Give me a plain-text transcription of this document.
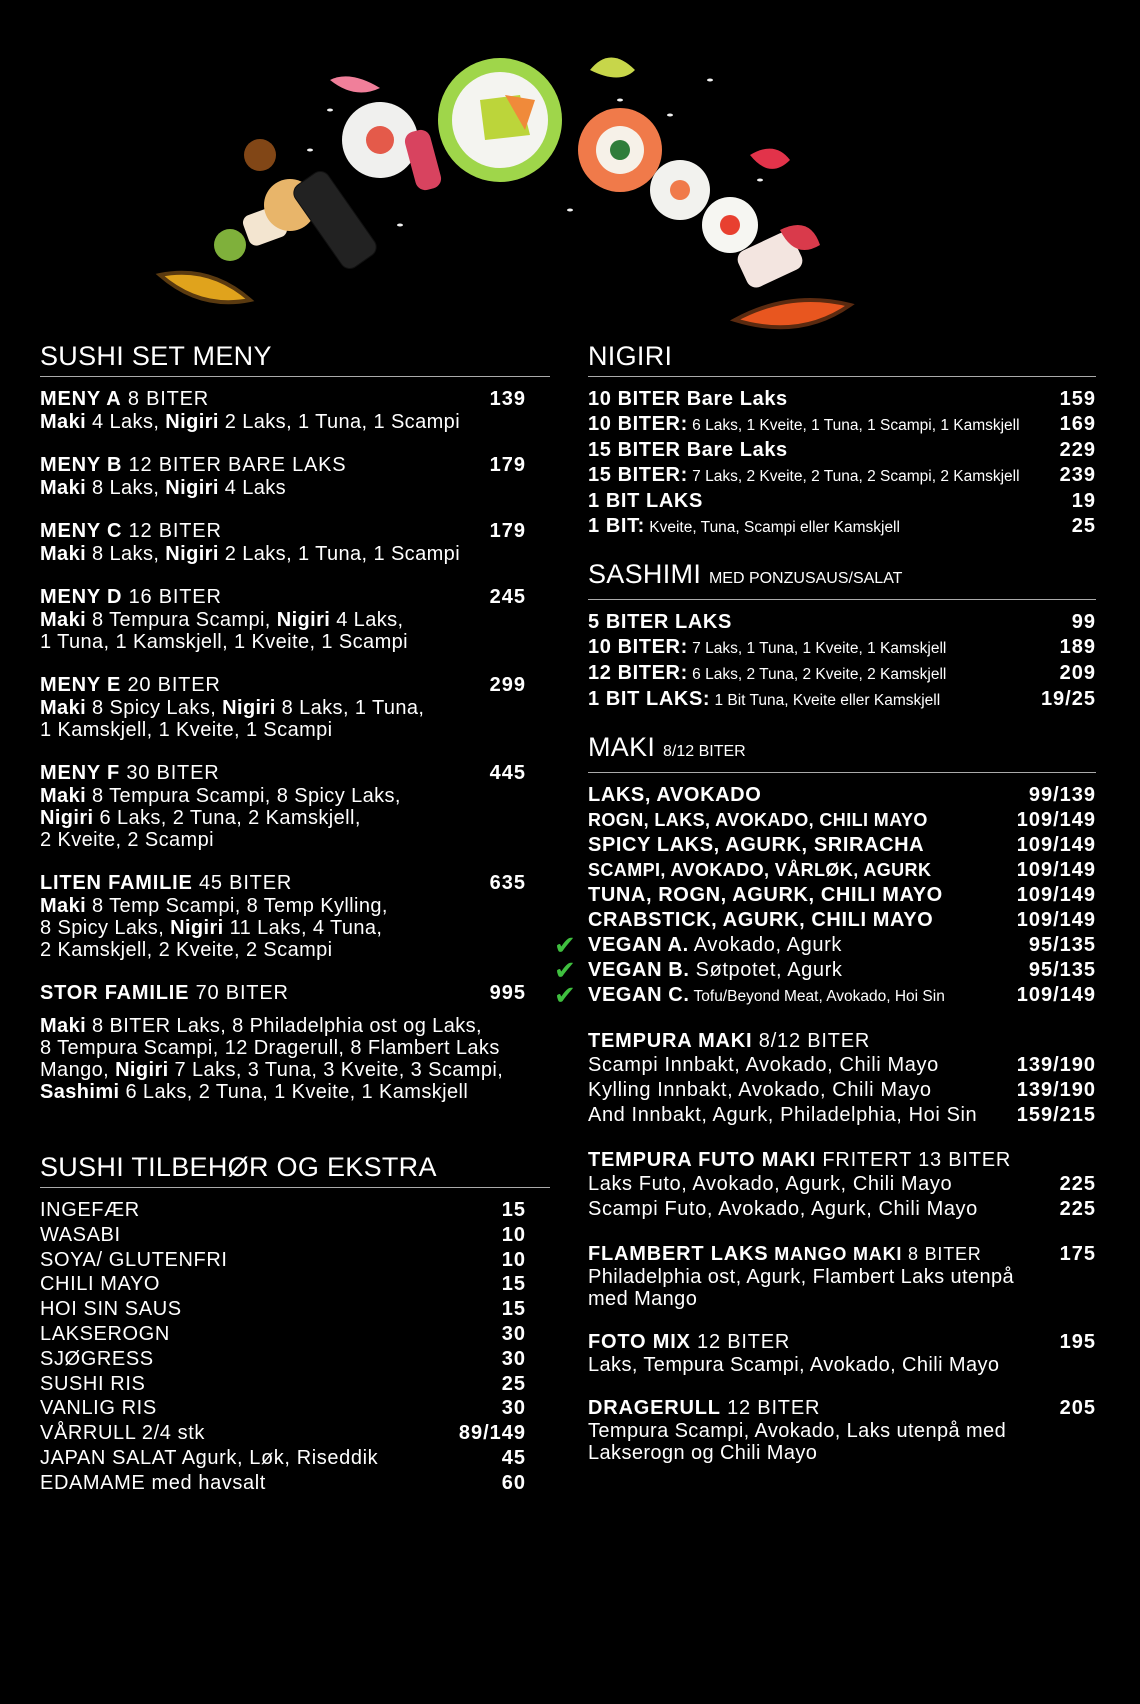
SUSHI SET MENY
MENY A 8 BITER	139
Maki 4 Laks, Nigiri 2 Laks, 1 Tuna, 1 Scampi
MENY B 12 BITER BARE LAKS	179
Maki 8 Laks, Nigiri 4 Laks
MENY C 12 BITER	179
Maki 8 Laks, Nigiri 2 Laks, 1 Tuna, 1 Scampi
MENY D 16 BITER	245
Maki 8 Tempura Scampi, Nigiri 4 Laks,
1 Tuna, 1 Kamskjell, 1 Kveite, 1 Scampi
MENY E 20 BITER	299
Maki 8 Spicy Laks, Nigiri 8 Laks, 1 Tuna,
1 Kamskjell, 1 Kveite, 1 Scampi
MENY F 30 BITER	445
Maki 8 Tempura Scampi, 8 Spicy Laks,
Nigiri 6 Laks, 2 Tuna, 2 Kamskjell,
2 Kveite, 2 Scampi
LITEN FAMILIE 45 BITER	635
Maki 8 Temp Scampi, 8 Temp Kylling,
8 Spicy Laks, Nigiri 11 Laks, 4 Tuna,
2 Kamskjell, 2 Kveite, 2 Scampi
STOR FAMILIE 70 BITER	995
Maki 8 BITER Laks, 8 Philadelphia ost og Laks,
8 Tempura Scampi, 12 Dragerull, 8 Flambert Laks
Mango, Nigiri 7 Laks, 3 Tuna, 3 Kveite, 3 Scampi,
Sashimi 6 Laks, 2 Tuna, 1 Kveite, 1 Kamskjell
SUSHI TILBEHØR OG EKSTRA
INGEFÆR	15
WASABI	10
SOYA/ GLUTENFRI	10
CHILI MAYO	15
HOI SIN SAUS	15
LAKSEROGN	30
SJØGRESS	30
SUSHI RIS	25
VANLIG RIS	30
VÅRRULL 2/4 stk	89/149
JAPAN SALAT Agurk, Løk, Riseddik	45
EDAMAME med havsalt	60
NIGIRI
10 BITER Bare Laks	159
10 BITER: 6 Laks, 1 Kveite, 1 Tuna, 1 Scampi, 1 Kamskjell 169
15 BITER Bare Laks	229
15 BITER: 7 Laks, 2 Kveite, 2 Tuna, 2 Scampi, 2 Kamskjell 239
1 BIT LAKS	19
1 BIT: Kveite, Tuna, Scampi eller Kamskjell	25
SASHIMI MED PONZUSAUS/SALAT
5 BITER LAKS	99
10 BITER: 7 Laks, 1 Tuna, 1 Kveite, 1 Kamskjell	189
12 BITER: 6 Laks, 2 Tuna, 2 Kveite, 2 Kamskjell	209
1 BIT LAKS: 1 Bit Tuna, Kveite eller Kamskjell	19/25
MAKI 8/12 BITER
LAKS, AVOKADO	99/139
ROGN, LAKS, AVOKADO, CHILI MAYO	109/149
SPICY LAKS, AGURK, SRIRACHA	109/149
SCAMPI, AVOKADO, VÅRLØK, AGURK	109/149
TUNA, ROGN, AGURK, CHILI MAYO	109/149
CRABSTICK, AGURK, CHILI MAYO	109/149
VEGAN A. Avokado, Agurk	95/135
✔
VEGAN B. Søtpotet, Agurk	95/135
✔
VEGAN C. Tofu/Beyond Meat, Avokado, Hoi Sin	109/149
✔
TEMPURA MAKI 8/12 BITER
Scampi Innbakt, Avokado, Chili Mayo	139/190
Kylling Innbakt, Avokado, Chili Mayo	139/190
And Innbakt, Agurk, Philadelphia, Hoi Sin 159/215
TEMPURA FUTO MAKI FRITERT 13 BITER
Laks Futo, Avokado, Agurk, Chili Mayo	225
Scampi Futo, Avokado, Agurk, Chili Mayo	225
FLAMBERT LAKS MANGO MAKI 8 BITER	175
Philadelphia ost, Agurk, Flambert Laks utenpå
med Mango
FOTO MIX 12 BITER	195
Laks, Tempura Scampi, Avokado, Chili Mayo
DRAGERULL 12 BITER	205
Tempura Scampi, Avokado, Laks utenpå med
Lakserogn og Chili Mayo
